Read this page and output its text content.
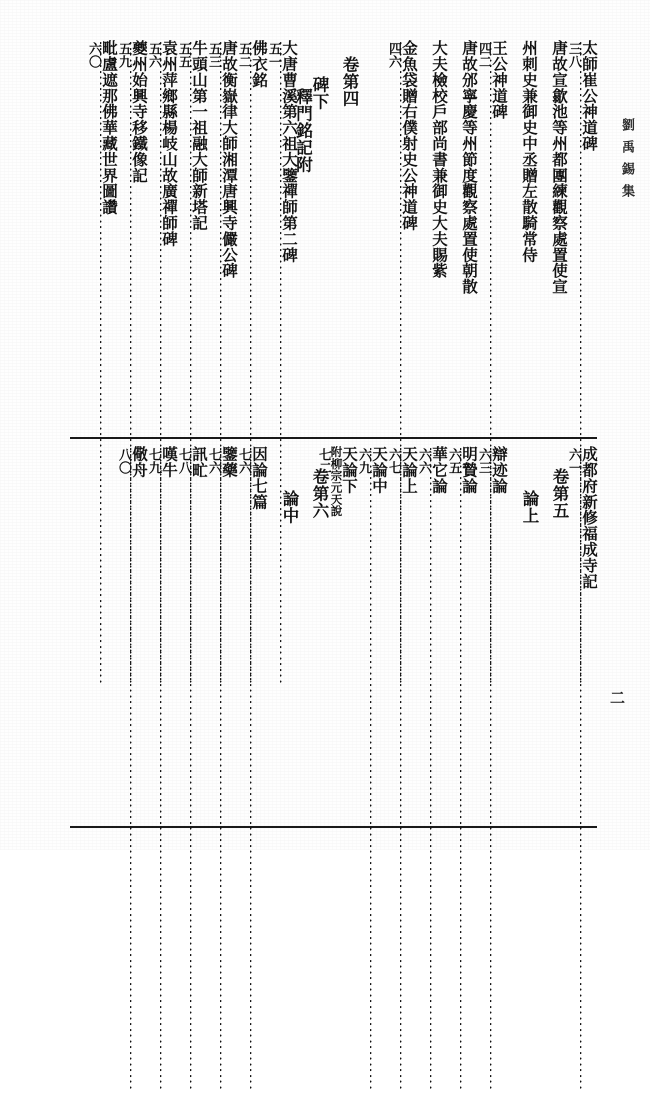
劉禹錫集
二
太師崔公神道碑
三八
唐故宣歙池等州都團練觀察處置使宣
州刺史兼御史中丞贈左散騎常侍
王公神道碑
四二
唐故邠寧慶等州節度觀察處置使朝散
大夫檢校戶部尚書兼御史大夫賜紫
金魚袋贈右僕射史公神道碑
四六
卷第四
碑下
釋門銘記附
大唐曹溪第六祖大鑒禪師第二碑
五一
佛衣銘
五二
唐故衡嶽律大師湘潭唐興寺儼公碑
五三
牛頭山第一祖融大師新塔記
五五
袁州萍鄉縣楊岐山故廣禪師碑
五六
夔州始興寺移鐵像記
五九
毗盧遮那佛華藏世界圖讚
六〇
成都府新修福成寺記
六一
卷第五
論上
辯迹論
六三
明贄論
六五
華它論
六六
天論上
六七
天論中
六九
天論下
附柳宗元天說
七二
卷第六
論中
因論七篇
七六
鑒藥
七六
訊甿
七八
嘆牛
七九
儆舟
八〇
